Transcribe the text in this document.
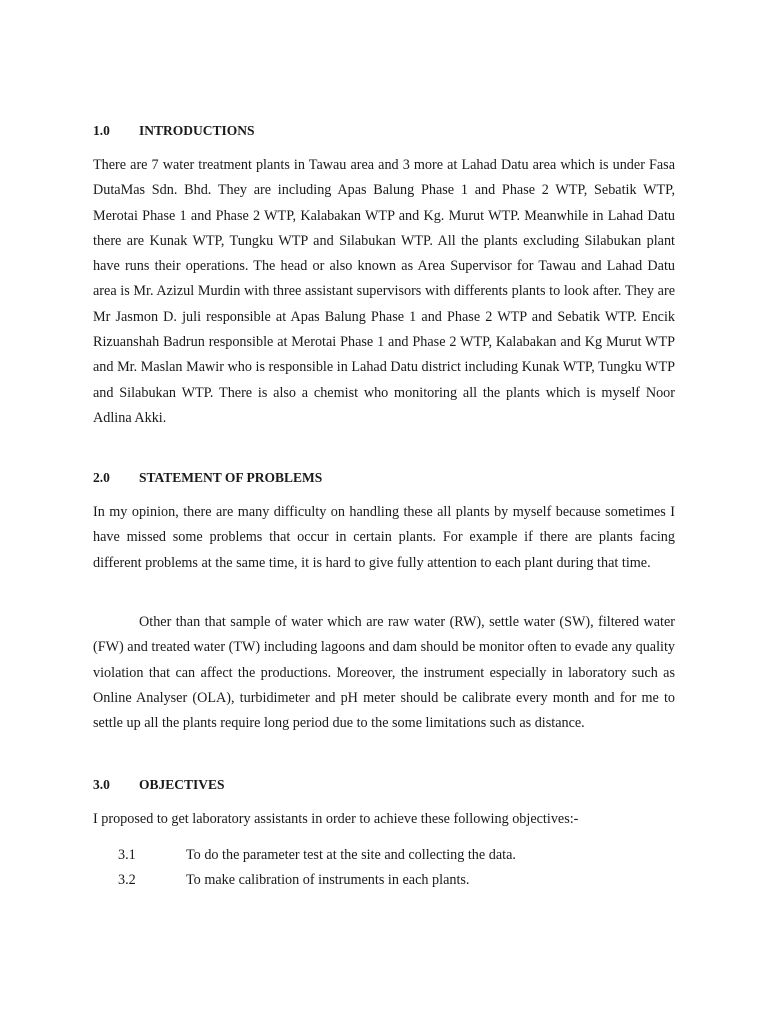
1.0 INTRODUCTIONS

There are 7 water treatment plants in Tawau area and 3 more at Lahad Datu area which is under Fasa DutaMas Sdn. Bhd. They are including Apas Balung Phase 1 and Phase 2 WTP, Sebatik WTP, Merotai Phase 1 and Phase 2 WTP, Kalabakan WTP and Kg. Murut WTP. Meanwhile in Lahad Datu there are Kunak WTP, Tungku WTP and Silabukan WTP. All the plants excluding Silabukan plant have runs their operations. The head or also known as Area Supervisor for Tawau and Lahad Datu area is Mr. Azizul Murdin with three assistant supervisors with differents plants to look after. They are Mr Jasmon D. juli responsible at Apas Balung Phase 1 and Phase 2 WTP and Sebatik WTP. Encik Rizuanshah Badrun responsible at Merotai Phase 1 and Phase 2 WTP, Kalabakan and Kg Murut WTP and Mr. Maslan Mawir who is responsible in Lahad Datu district including Kunak WTP, Tungku WTP and Silabukan WTP. There is also a chemist who monitoring all the plants which is myself Noor Adlina Akki.

2.0 STATEMENT OF PROBLEMS

In my opinion, there are many difficulty on handling these all plants by myself because sometimes I have missed some problems that occur in certain plants. For example if there are plants facing different problems at the same time, it is hard to give fully attention to each plant during that time.

Other than that sample of water which are raw water (RW), settle water (SW), filtered water (FW) and treated water (TW) including lagoons and dam should be monitor often to evade any quality violation that can affect the productions. Moreover, the instrument especially in laboratory such as Online Analyser (OLA), turbidimeter and pH meter should be calibrate every month and for me to settle up all the plants require long period due to the some limitations such as distance.

3.0 OBJECTIVES

I proposed to get laboratory assistants in order to achieve these following objectives:-

3.1	To do the parameter test at the site and collecting the data.
3.2	To make calibration of instruments in each plants.
